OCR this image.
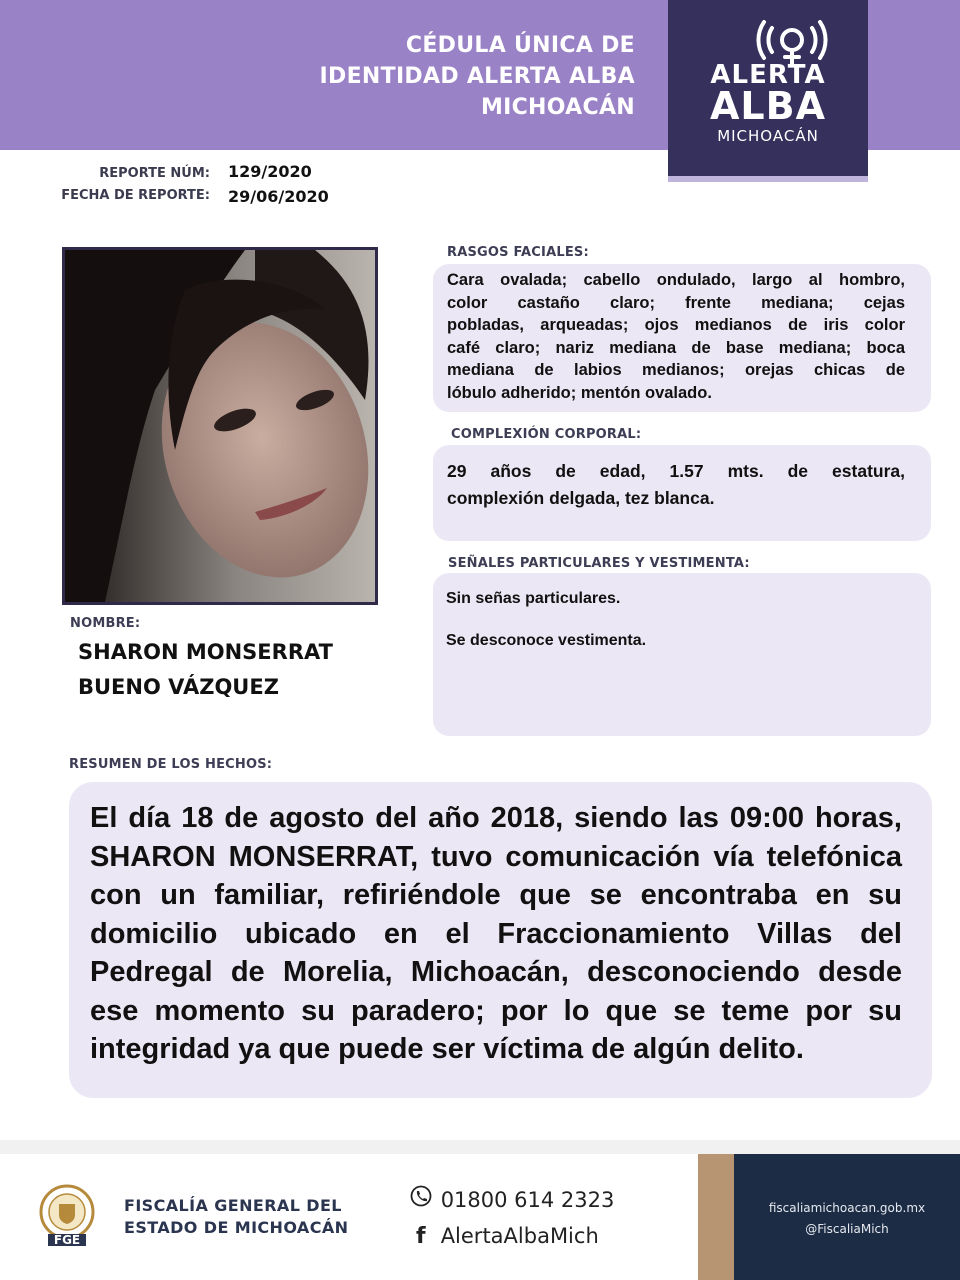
CÉDULA ÚNICA DE
IDENTIDAD ALERTA ALBA
MICHOACÁN
ALERTA
ALBA
MICHOACÁN
REPORTE NÚM: 129/2020
FECHA DE REPORTE: 29/06/2020
NOMBRE:
SHARON MONSERRAT
BUENO VÁZQUEZ
RASGOS FACIALES:
Cara ovalada; cabello ondulado, largo al hombro,
color castaño claro; frente mediana; cejas
pobladas, arqueadas; ojos medianos de iris color
café claro; nariz mediana de base mediana; boca
mediana de labios medianos; orejas chicas de
lóbulo adherido; mentón ovalado.
COMPLEXIÓN CORPORAL:
29 años de edad, 1.57 mts. de estatura,
complexión delgada, tez blanca.
SEÑALES PARTICULARES Y VESTIMENTA:
Sin señas particulares.
Se desconoce vestimenta.
RESUMEN DE LOS HECHOS:
El día 18 de agosto del año 2018, siendo las 09:00 horas, SHARON MONSERRAT, tuvo comunicación vía telefónica con un familiar, refiriéndole que se encontraba en su domicilio ubicado en el Fraccionamiento Villas del Pedregal de Morelia, Michoacán, desconociendo desde ese momento su paradero; por lo que se teme por su integridad ya que puede ser víctima de algún delito.
FGE
FISCALÍA GENERAL DEL
ESTADO DE MICHOACÁN
01800 614 2323
f AlertaAlbaMich
fiscaliamichoacan.gob.mx
@FiscaliaMich
